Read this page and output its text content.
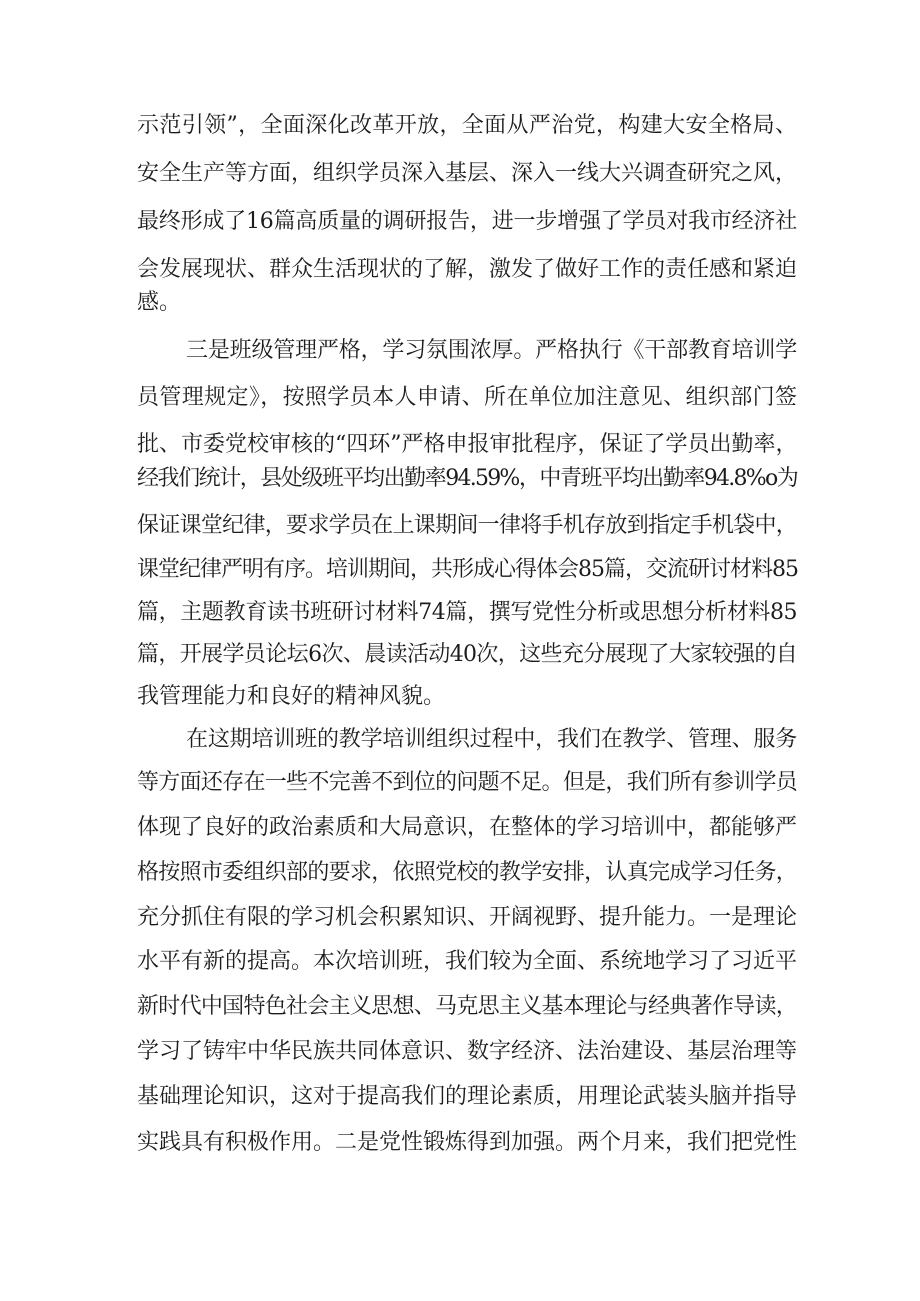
示范引领”，全面深化改革开放，全面从严治党，构建大安全格局、
安全生产等方面，组织学员深入基层、深入一线大兴调查研究之风，
最终形成了16篇高质量的调研报告，进一步增强了学员对我市经济社
会发展现状、群众生活现状的了解，激发了做好工作的责任感和紧迫
感。
三是班级管理严格，学习氛围浓厚。严格执行《干部教育培训学
员管理规定》，按照学员本人申请、所在单位加注意见、组织部门签
批、市委党校审核的“四环”严格申报审批程序，保证了学员出勤率，
经我们统计，县处级班平均出勤率94.59%，中青班平均出勤率94.8%o为
保证课堂纪律，要求学员在上课期间一律将手机存放到指定手机袋中，
课堂纪律严明有序。培训期间，共形成心得体会85篇，交流研讨材料85
篇，主题教育读书班研讨材料74篇，撰写党性分析或思想分析材料85
篇，开展学员论坛6次、晨读活动40次，这些充分展现了大家较强的自
我管理能力和良好的精神风貌。
在这期培训班的教学培训组织过程中，我们在教学、管理、服务
等方面还存在一些不完善不到位的问题不足。但是，我们所有参训学员
体现了良好的政治素质和大局意识，在整体的学习培训中，都能够严
格按照市委组织部的要求，依照党校的教学安排，认真完成学习任务，
充分抓住有限的学习机会积累知识、开阔视野、提升能力。一是理论
水平有新的提高。本次培训班，我们较为全面、系统地学习了习近平
新时代中国特色社会主义思想、马克思主义基本理论与经典著作导读，
学习了铸牢中华民族共同体意识、数字经济、法治建设、基层治理等
基础理论知识，这对于提高我们的理论素质，用理论武装头脑并指导
实践具有积极作用。二是党性锻炼得到加强。两个月来，我们把党性
